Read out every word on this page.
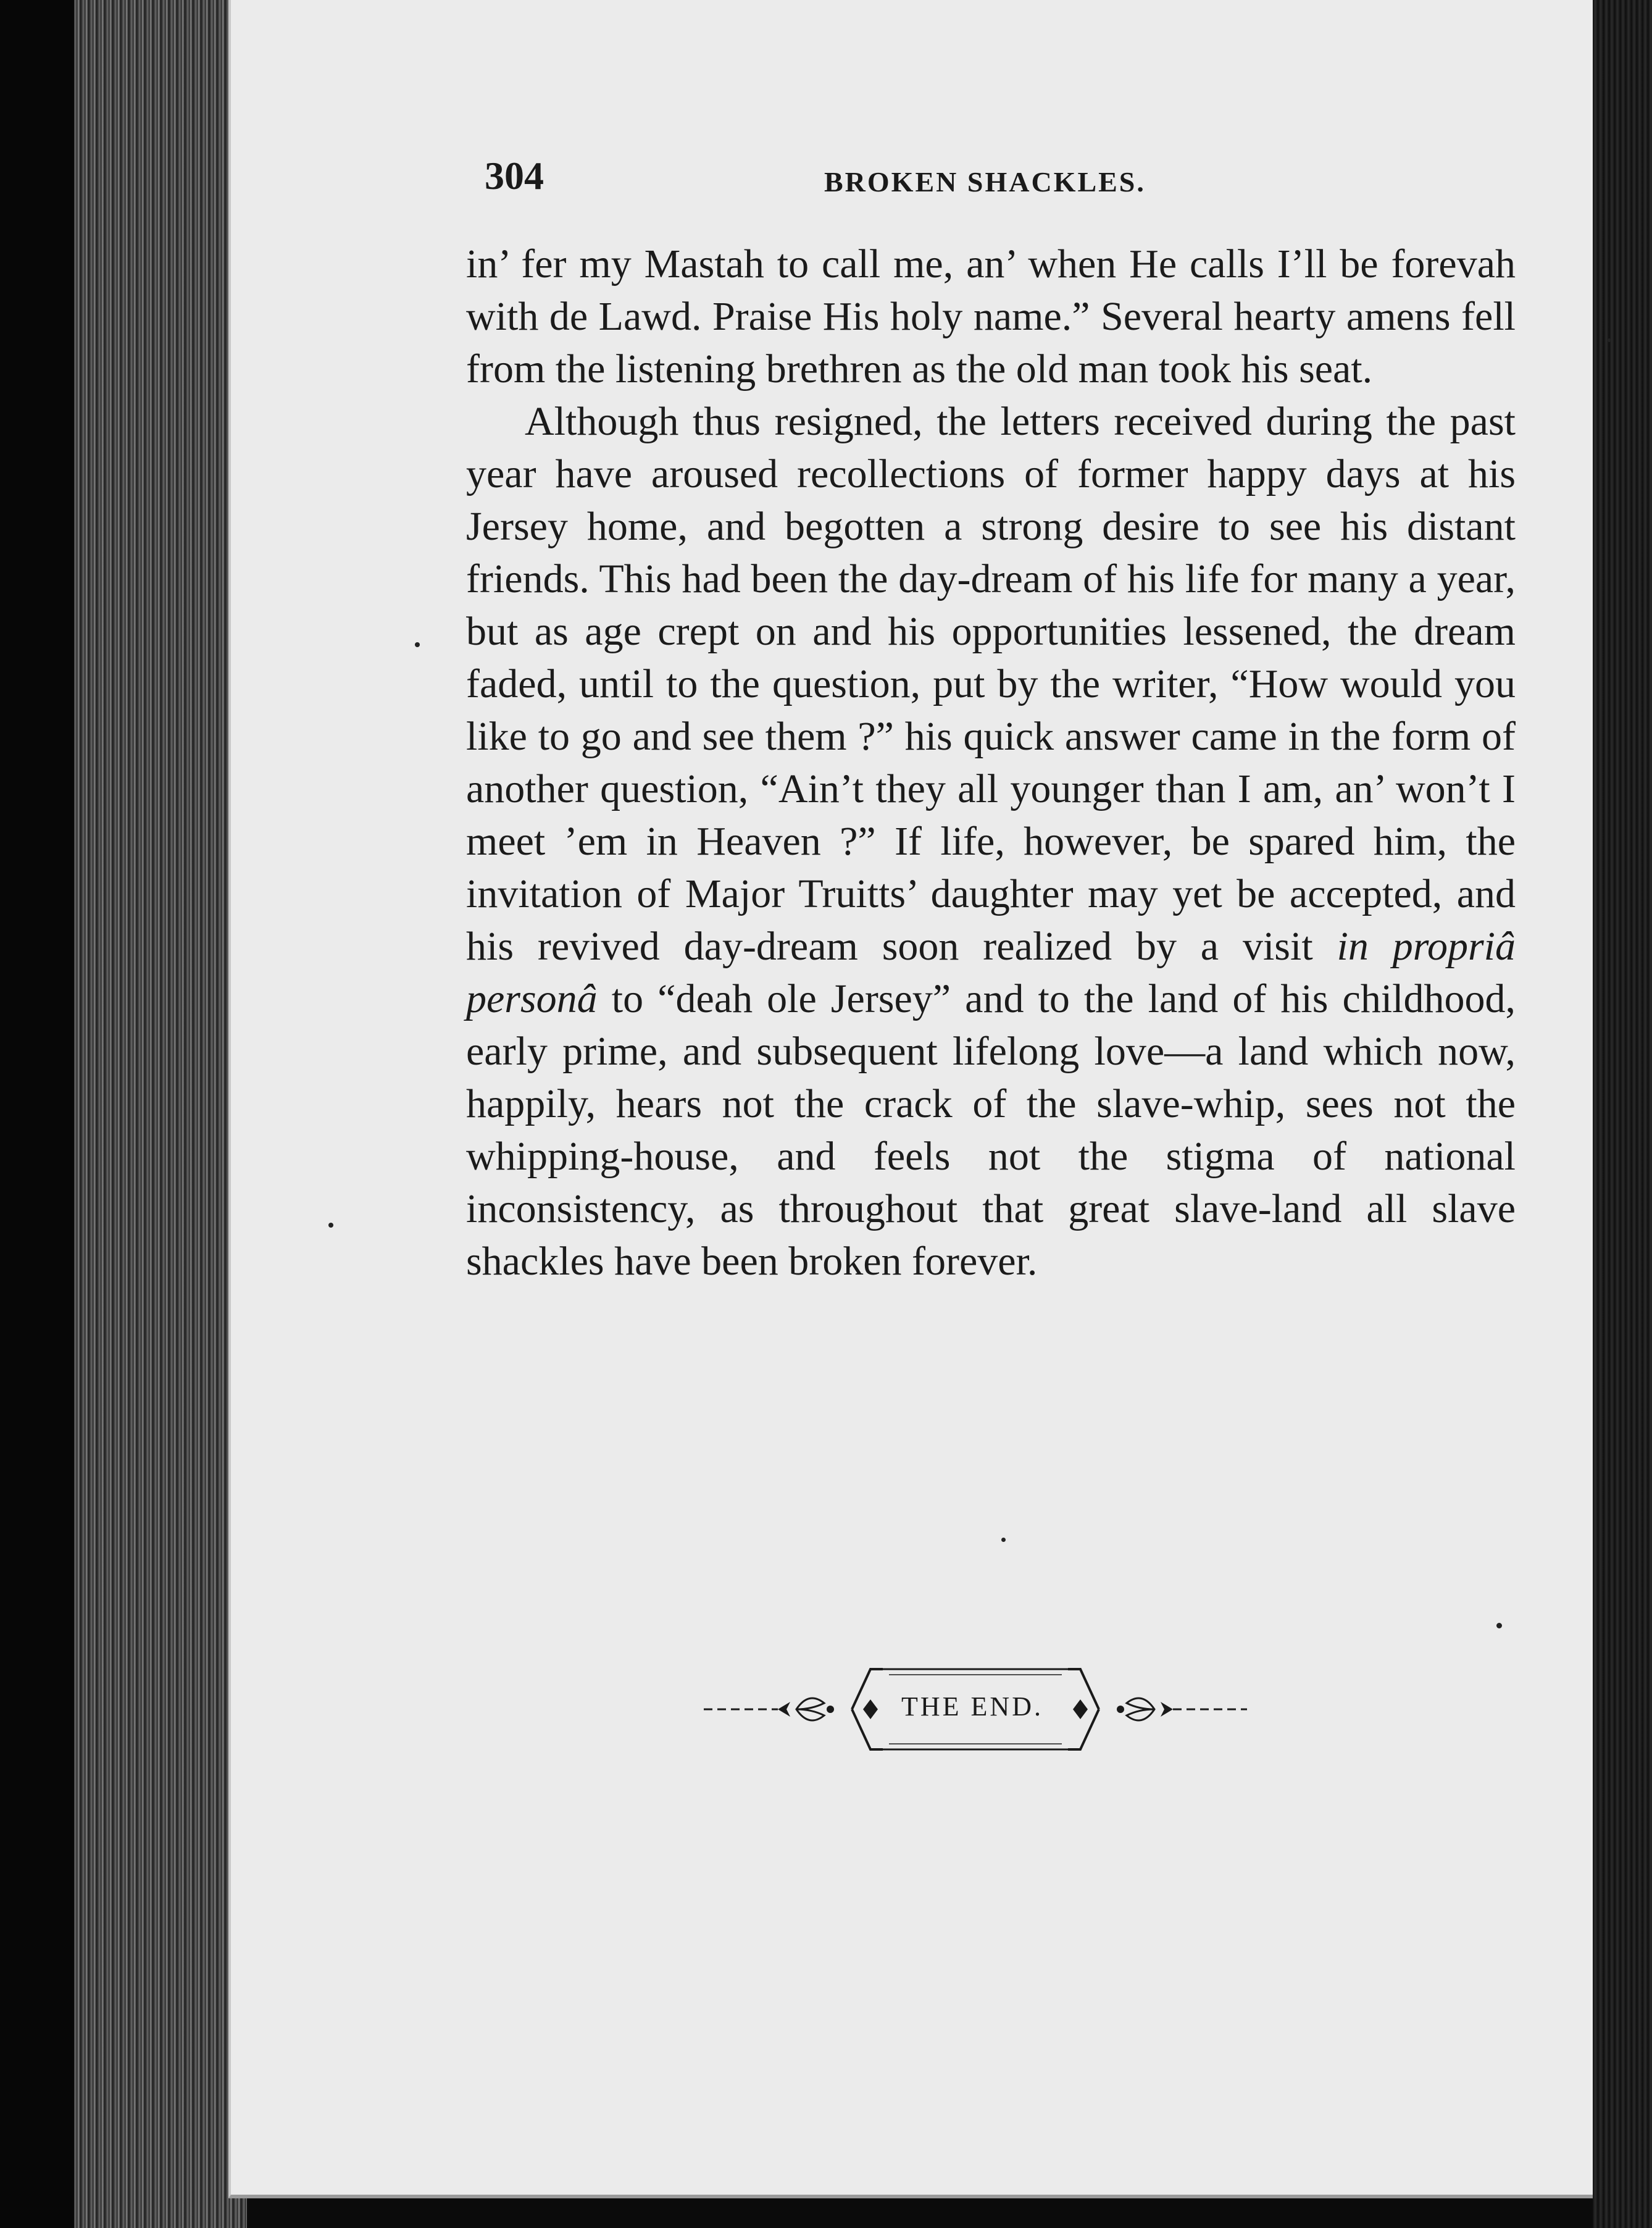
304	BROKEN SHACKLES.

in’ fer my Mastah to call me, an’ when He calls I’ll be forevah with de Lawd. Praise His holy name.” Several hearty amens fell from the listening brethren as the old man took his seat.

Although thus resigned, the letters received during the past year have aroused recollections of former happy days at his Jersey home, and begotten a strong desire to see his distant friends. This had been the day-dream of his life for many a year, but as age crept on and his opportunities lessened, the dream faded, until to the question, put by the writer, “How would you like to go and see them ?” his quick answer came in the form of another question, “Ain’t they all younger than I am, an’ won’t I meet ’em in Heaven ?” If life, however, be spared him, the invitation of Major Truitts’ daughter may yet be accepted, and his revived day-dream soon realized by a visit in propriâ personâ to “deah ole Jersey” and to the land of his childhood, early prime, and subsequent lifelong love—a land which now, happily, hears not the crack of the slave-whip, sees not the whipping-house, and feels not the stigma of national inconsistency, as throughout that great slave-land all slave shackles have been broken forever.

THE END.
